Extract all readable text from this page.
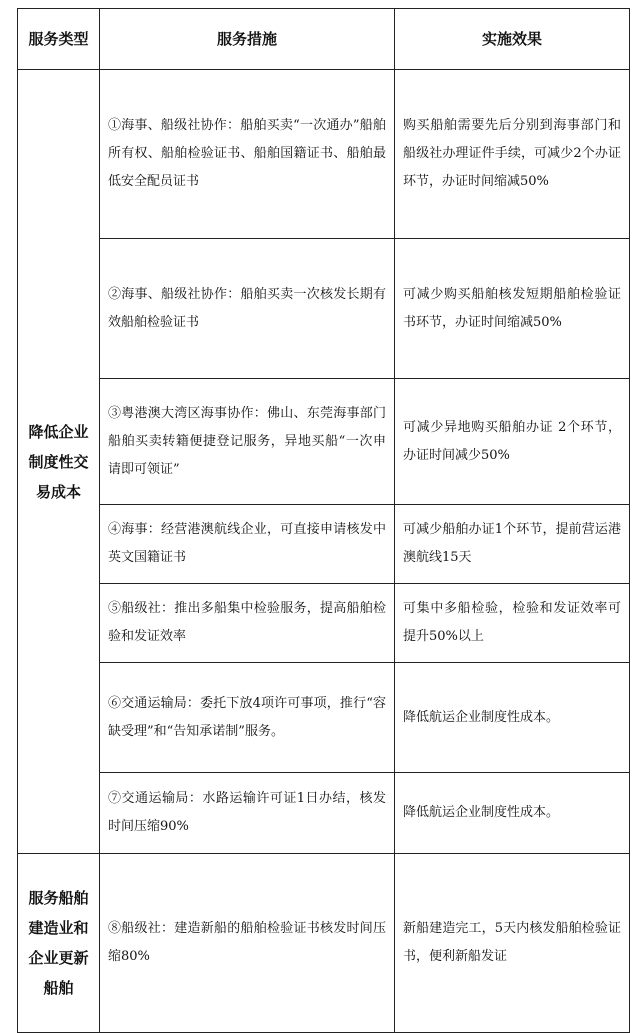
服务类型	服务措施	实施效果
降低企业制度性交易成本	①海事、船级社协作：船舶买卖“一次通办”船舶所有权、船舶检验证书、船舶国籍证书、船舶最低安全配员证书	购买船舶需要先后分别到海事部门和船级社办理证件手续，可减少2个办证环节，办证时间缩减50%
	②海事、船级社协作：船舶买卖一次核发长期有效船舶检验证书	可减少购买船舶核发短期船舶检验证书环节，办证时间缩减50%
	③粤港澳大湾区海事协作：佛山、东莞海事部门船舶买卖转籍便捷登记服务，异地买船“一次申请即可领证”	可减少异地购买船舶办证 2个环节，办证时间减少50%
	④海事：经营港澳航线企业，可直接申请核发中英文国籍证书	可减少船舶办证1个环节，提前营运港澳航线15天
	⑤船级社：推出多船集中检验服务，提高船舶检验和发证效率	可集中多船检验，检验和发证效率可提升50%以上
	⑥交通运输局：委托下放4项许可事项，推行“容缺受理”和“告知承诺制”服务。	降低航运企业制度性成本。
	⑦交通运输局：水路运输许可证1日办结，核发时间压缩90%	降低航运企业制度性成本。
服务船舶建造业和企业更新船舶	⑧船级社：建造新船的船舶检验证书核发时间压缩80%	新船建造完工，5天内核发船舶检验证书，便利新船发证
